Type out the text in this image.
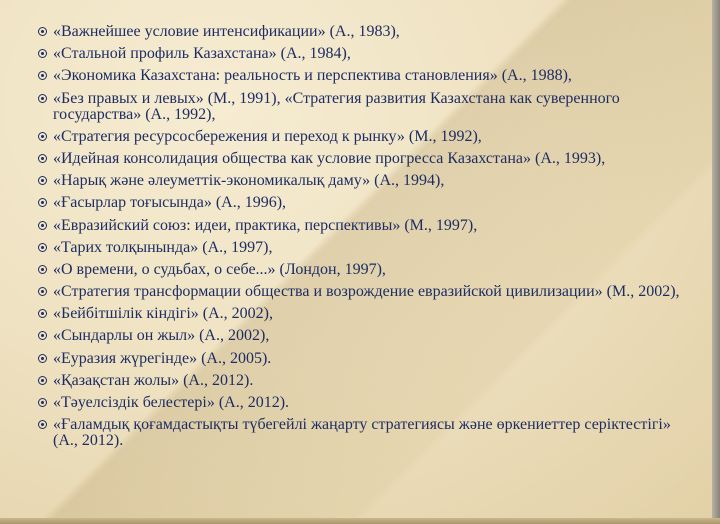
«Важнейшее условие интенсификации» (А., 1983),
«Стальной профиль Казахстана» (А., 1984),
«Экономика Казахстана: реальность и перспектива становления» (А., 1988),
«Без правых и левых» (М., 1991), «Стратегия развития Казахстана как суверенного государства» (А., 1992),
«Стратегия ресурсосбережения и переход к рынку» (М., 1992),
«Идейная консолидация общества как условие прогресса Казахстана» (А., 1993),
«Нарық және әлеуметтік-экономикалық даму» (А., 1994),
«Ғасырлар тоғысында» (А., 1996),
«Евразийский союз: идеи, практика, перспективы» (М., 1997),
«Тарих толқынында» (А., 1997),
«О времени, о судьбах, о себе...» (Лондон, 1997),
«Стратегия трансформации общества и возрождение евразийской цивилизации» (М., 2002),
«Бейбітшілік кіндігі» (А., 2002),
«Сындарлы он жыл» (А., 2002),
«Еуразия жүрегінде» (А., 2005).
«Қазақстан жолы» (А., 2012).
«Тәуелсіздік белестері» (А., 2012).
«Ғаламдық қоғамдастықты түбегейлі жаңарту стратегиясы және өркениеттер серіктестігі» (А., 2012).
